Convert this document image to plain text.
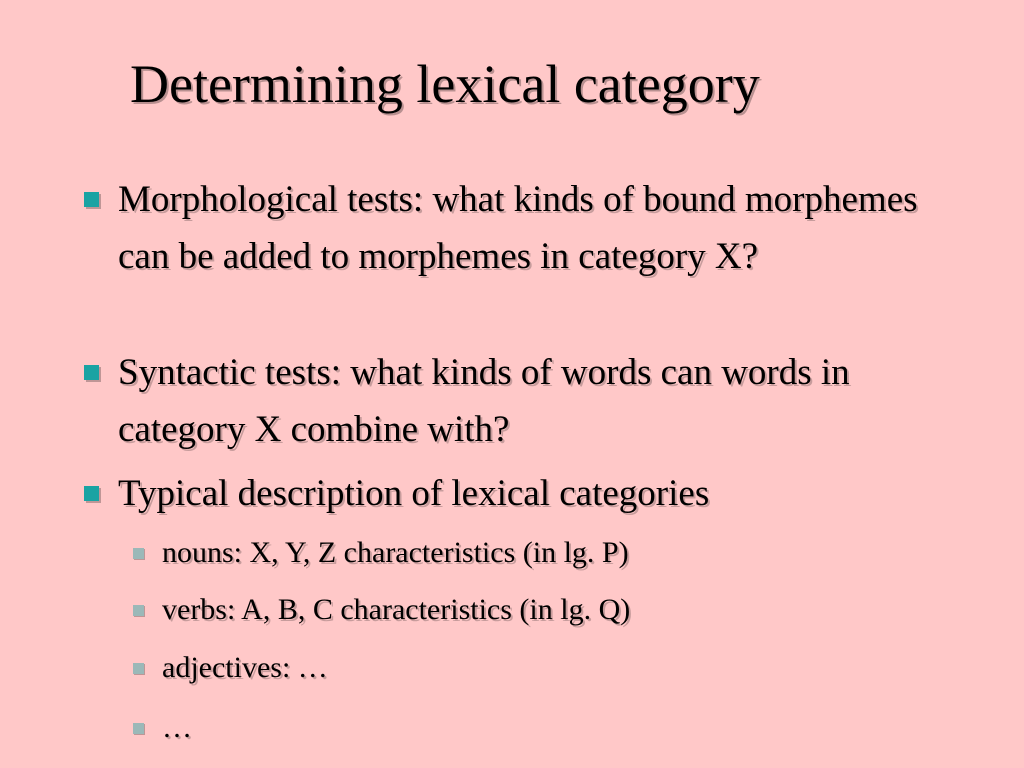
Determining lexical category
Morphological tests: what kinds of bound morphemes can be added to morphemes in category X?
Syntactic tests: what kinds of words can words in category X combine with?
Typical description of lexical categories
nouns: X, Y, Z characteristics (in lg. P)
verbs: A, B, C characteristics (in lg. Q)
adjectives: …
…
